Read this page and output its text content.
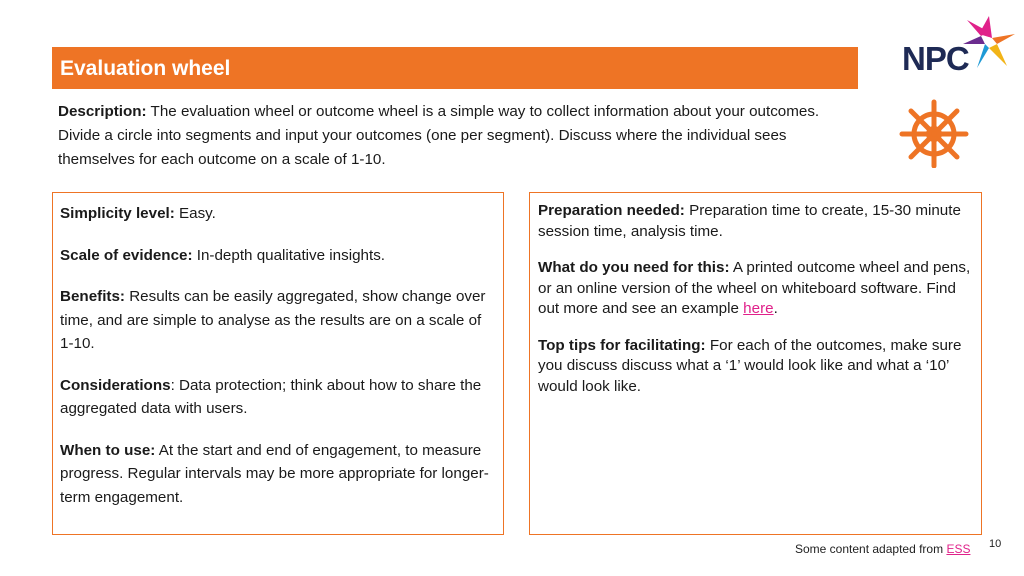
Evaluation wheel	NPC
Description: The evaluation wheel or outcome wheel is a simple way to collect information about your outcomes. Divide a circle into segments and input your outcomes (one per segment). Discuss where the individual sees themselves for each outcome on a scale of 1-10.

Simplicity level: Easy.

Scale of evidence: In-depth qualitative insights.

Benefits: Results can be easily aggregated, show change over time, and are simple to analyse as the results are on a scale of 1-10.

Considerations: Data protection; think about how to share the aggregated data with users.

When to use: At the start and end of engagement, to measure progress. Regular intervals may be more appropriate for longer-term engagement.

Preparation needed: Preparation time to create, 15-30 minute session time, analysis time.

What do you need for this: A printed outcome wheel and pens, or an online version of the wheel on whiteboard software. Find out more and see an example here.

Top tips for facilitating: For each of the outcomes, make sure you discuss discuss what a ‘1’ would look like and what a ‘10’ would look like.

Some content adapted from ESS 10
